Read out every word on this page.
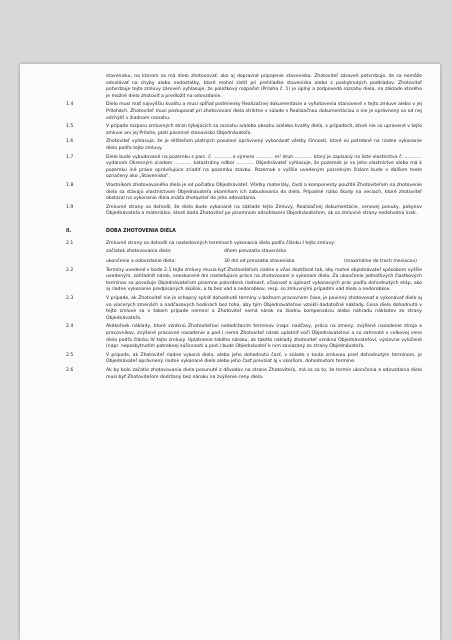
stavenisku, na ktorom sa má dielo zhotovovať; ako aj dopravné pripojenie staveniska. Zhotoviteľ zároveň potvrdzuje, že sa nemôže odvolávať na chyby alebo nedostatky, ktoré mohol zistiť pri prehliadke staveniska alebo z poskytnutých podkladov. Zhotoviteľ potvrdzuje tejto zmluvy zároveň vyhlasuje, že položkový rozpočet (Príloha č. 1) je úplný a zodpovedá rozsahu diela, na základe ktorého je možné dielo zhotoviť a predložiť na odovzdanie.
1.4	Dielo musí mať najvyššiu kvalitu a musí spĺňať podmienky Realizačnej dokumentácie a vyhotovenia stanovené v tejto zmluve alebo v jej Prílohách. Zhotoviteľ musí postupovať pri zhotovovaní diela striktne v súlade s Realizačnou dokumentáciou a nie je oprávnený sa od nej odchýliť v žiadnom rozsahu.
1.5	V prípade rozporu zmluvných strán týkajúcich sa rozsahu a/alebo obsahu a/alebo kvality diela, v prípadoch, ktoré nie sú upravené v tejto zmluve ani jej Prílohe, platí písomné stanovisko Objednávateľa.
1.6	Zhotoviteľ vyhlasuje, že je držiteľom platných povolení oprávnený vykonávať všetky činnosti, ktoré sú potrebné na riadne vykonanie diela podľa tejto zmluvy.
1.7	Dielo bude vybudované na pozemku s parc. č. ............ o výmere ............ m² druh ............ ktorý je zapísaný na liste vlastníctva č. ............ vydanom Okresným úradom ............ katastrálny odbor ............ Objednávateľ vyhlasuje, že pozemok je vo jeho vlastníctve alebo má k pozemku iné právo oprávňujúce zriadiť na pozemku stavbu. Pozemok s vyššie uvedeným parcelným číslom bude v ďalšom texte označený ako „Stavenisko“.
1.8	Vlastníkom zhotovovaného diela je od počiatku Objednávateľ. Všetky materiály, časti a komponenty použité Zhotoviteľom na zhotovenie diela sa stávajú vlastníctvom Objednávateľa okamihom ich zabudovania do diela. Prípadné riziko škody na veciach, ktoré zhotoviteľ obstaral na vykonanie diela znáša zhotoviteľ do jeho odovzdania.
1.9	Zmluvné strany sa dohodli, že dielo bude vykonané na základe tejto Zmluvy, Realizačnej dokumentácie, cenovej ponuky, pokynov Objednávateľa a materiálov, ktoré dodá Zhotoviteľ po písomnom odsúhlasení Objednávateľom, ak sa zmluvné strany nedohodnú inak.
II.	DOBA ZHOTOVENIA DIELA
2.1	Zmluvné strany sa dohodli na nasledovných termínoch vykonania diela podľa článku I tejto zmluvy:
začiatok zhotovovania diela:	dňom prevzatia staveniska
ukončenie a odovzdanie diela:	30 dní od prevzatia staveniska	(maximálne do troch mesiacov)
2.2	Termíny uvedené v bode 2.1 tejto zmluvy musia byť Zhotoviteľom riadne a včas dodržané tak, aby mohol objednávateľ spôsobom vyššie uvedeným, zohľadniť nárok, oneskorené dni nasledujúce práce na zhotovovaní a vykonaní diela. Za ukončenie jednotlivých čiastkových termínov sa považuje Objednávateľom písomne potvrdená riadnosť, včasnosť a úplnosť vykonaných prác podľa dohodnutých etáp, ako aj riadne vykonanie predpísaných skúšok, a to bez vád a nedorobkov, resp. so zmluvnými prípadmi vád diela a nedorobkov.
2.3	V prípade, ak Zhotoviteľ nie je schopný splniť dohodnuté termíny v bežnom pracovnom čase, je povinný zhotovovať a vykonávať dielo aj vo viacerých zmenách a nadčasových hodinách bez toho, aby tým Objednávateľovi vznikli dodatočné náklady. Cena diela dohodnutá v tejto zmluve sa v takom prípade nemení a Zhotoviteľ nemá nárok na žiadnu kompenzáciu alebo náhradu nákladov zo strany Objednávateľa.
2.4	Akékoľvek náklady, ktoré vzniknú Zhotoviteľovi nedodržaním termínov (napr. nadčasy, práca na zmeny, zvýšené nasadenie stroja a pracovníkov, zvýšené pracovné nasadenie a pod.) nemá Zhotoviteľ nárok uplatniť voči Objednávateľovi a sú zahrnuté v celkovej cene diela podľa článku IV tejto zmluvy. Uplatnenie takého nároku, ak takéto náklady zhotoviteľ vzniknú Objednávateľovi, výslovne vylúčené (napr. neposkytnutím potrebnej súčinnosti a pod.) bude Objednávateľ k nim zaviazaný zo strany Objednávateľa.
2.5	V prípade, ak Zhotoviteľ riadne vykoná dielo, alebo jeho dohodnutú časť, v súlade s touto zmluvou pred dohodnutým termínom, je Objednávateľ oprávnený riadne vykonané dielo alebo jeho časť prevziať aj v skoršom, dohodnutom termíne.
2.6	Ak by bolo začatie zhotovovania diela posunuté z dôvodov na strane Zhotoviteľa, má sa za to, že termín ukončenia a odovzdania diela musí byť Zhotoviteľom dodržaný bez nároku na zvýšenie ceny diela.
